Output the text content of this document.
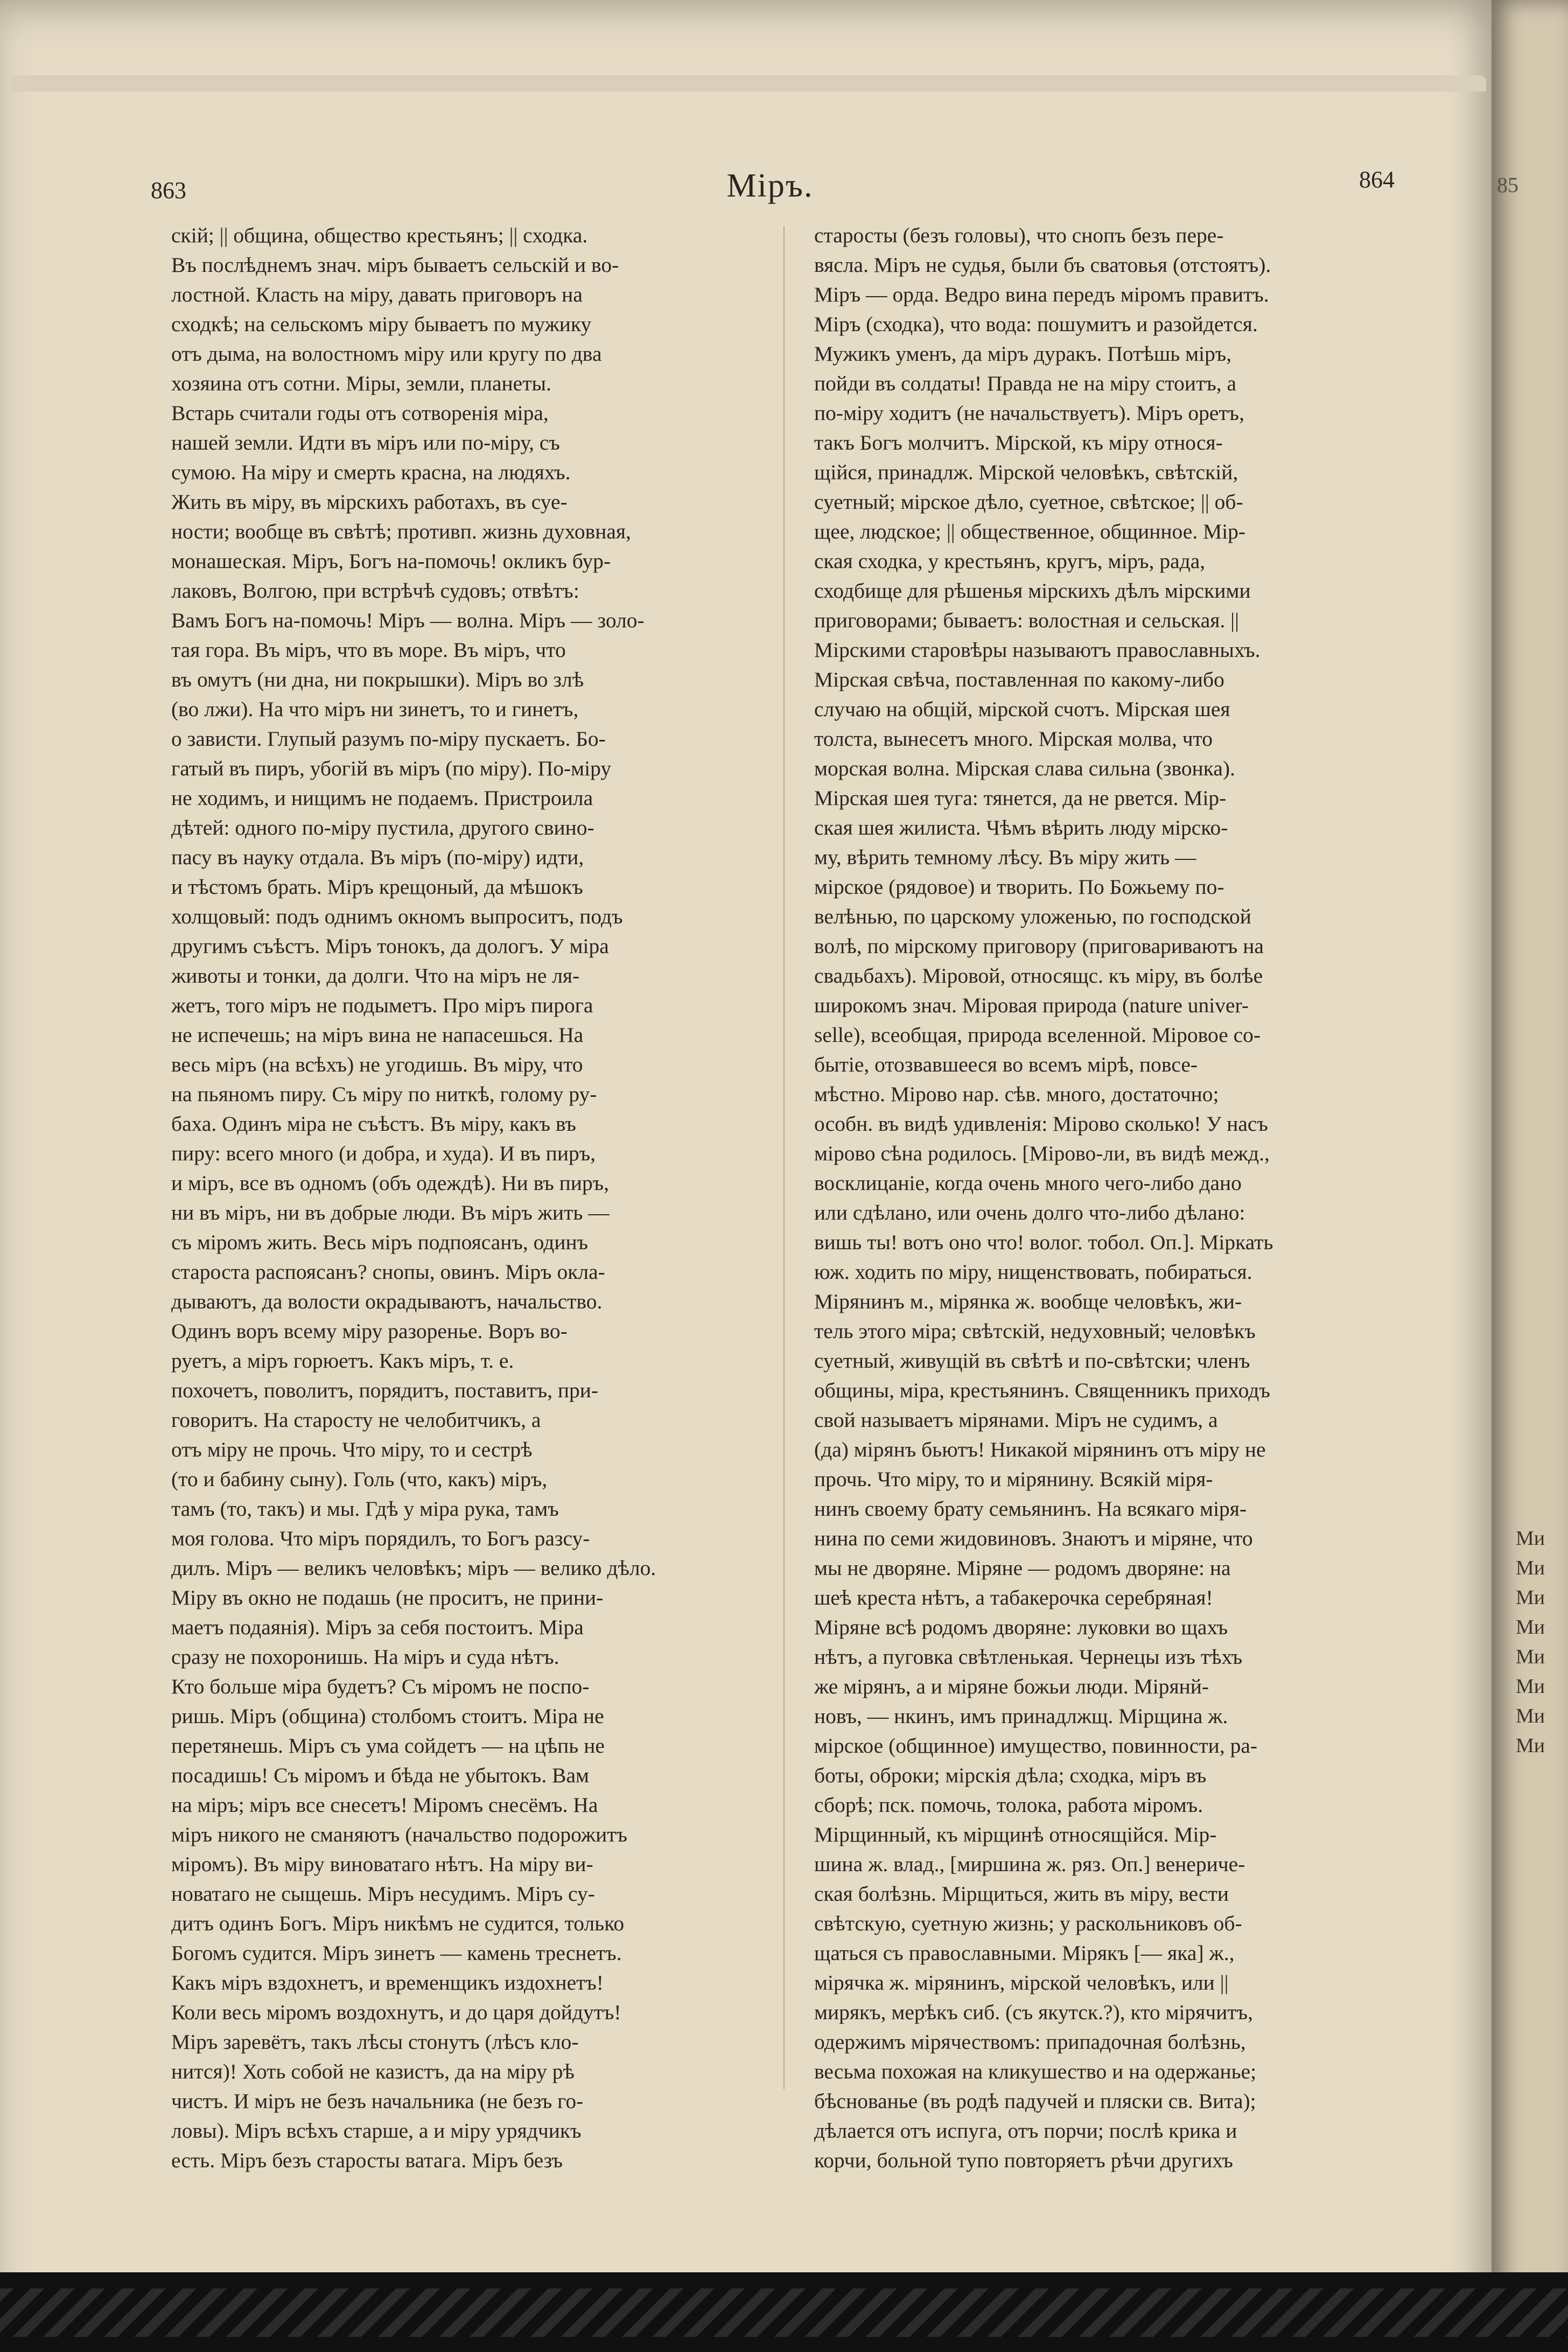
863	Міръ.	864	85
скій; || община, общество крестьянъ; || сходка.
Въ послѣднемъ знач. міръ бываетъ сельскій и во-
лостной. Класть на міру, давать приговоръ на
сходкѣ; на сельскомъ міру бываетъ по мужику
отъ дыма, на волостномъ міру или кругу по два
хозяина отъ сотни. Міры, земли, планеты.
Встарь считали годы отъ сотворенія міра,
нашей земли. Идти въ міръ или по-міру, съ
сумою. На міру и смерть красна, на людяхъ.
Жить въ міру, въ мірскихъ работахъ, въ суе-
ности; вообще въ свѣтѣ; противп. жизнь духовная,
монашеская. Міръ, Богъ на-помочь! окликъ бур-
лаковъ, Волгою, при встрѣчѣ судовъ; отвѣтъ:
Вамъ Богъ на-помочь! Міръ — волна. Міръ — золо-
тая гора. Въ міръ, что въ море. Въ міръ, что
въ омутъ (ни дна, ни покрышки). Міръ во злѣ
(во лжи). На что міръ ни зинетъ, то и гинетъ,
о зависти. Глупый разумъ по-міру пускаетъ. Бо-
гатый въ пиръ, убогій въ міръ (по міру). По-міру
не ходимъ, и нищимъ не подаемъ. Пристроила
дѣтей: одного по-міру пустила, другого свино-
пасу въ науку отдала. Въ міръ (по-міру) идти,
и тѣстомъ брать. Міръ крещоный, да мѣшокъ
холщовый: подъ однимъ окномъ выпроситъ, подъ
другимъ съѣстъ. Міръ тонокъ, да дологъ. У міра
животы и тонки, да долги. Что на міръ не ля-
жетъ, того міръ не подыметъ. Про міръ пирога
не испечешь; на міръ вина не напасешься. На
весь міръ (на всѣхъ) не угодишь. Въ міру, что
на пьяномъ пиру. Съ міру по ниткѣ, голому ру-
баха. Одинъ міра не съѣстъ. Въ міру, какъ въ
пиру: всего много (и добра, и худа). И въ пиръ,
и міръ, все въ одномъ (объ одеждѣ). Ни въ пиръ,
ни въ міръ, ни въ добрые люди. Въ міръ жить —
съ міромъ жить. Весь міръ подпоясанъ, одинъ
староста распоясанъ? снопы, овинъ. Міръ окла-
дываютъ, да волости окрадываютъ, начальство.
Одинъ воръ всему міру разоренье. Воръ во-
руетъ, а міръ горюетъ. Какъ міръ, т. е.
похочетъ, поволитъ, порядитъ, поставитъ, при-
говоритъ. На старосту не челобитчикъ, а
отъ міру не прочь. Что міру, то и сестрѣ
(то и бабину сыну). Голь (что, какъ) міръ,
тамъ (то, такъ) и мы. Гдѣ у міра рука, тамъ
моя голова. Что міръ порядилъ, то Богъ разсу-
дилъ. Міръ — великъ человѣкъ; міръ — велико дѣло.
Міру въ окно не подашь (не проситъ, не прини-
маетъ подаянія). Міръ за себя постоитъ. Міра
сразу не похоронишь. На міръ и суда нѣтъ.
Кто больше міра будетъ? Съ міромъ не поспо-
ришь. Міръ (община) столбомъ стоитъ. Міра не
перетянешь. Міръ съ ума сойдетъ — на цѣпь не
посадишь! Съ міромъ и бѣда не убытокъ. Вам
на міръ; міръ все снесетъ! Міромъ снесёмъ. На
міръ никого не сманяютъ (начальство подорожитъ
міромъ). Въ міру виноватаго нѣтъ. На міру ви-
новатаго не сыщешь. Міръ несудимъ. Міръ су-
дитъ одинъ Богъ. Міръ никѣмъ не судится, только
Богомъ судится. Міръ зинетъ — камень треснетъ.
Какъ міръ вздохнетъ, и временщикъ издохнетъ!
Коли весь міромъ воздохнутъ, и до царя дойдутъ!
Міръ заревётъ, такъ лѣсы стонутъ (лѣсъ кло-
нится)! Хоть собой не казистъ, да на міру рѣ
чистъ. И міръ не безъ начальника (не безъ го-
ловы). Міръ всѣхъ старше, а и міру урядчикъ
есть. Міръ безъ старосты ватага. Міръ безъ
старосты (безъ головы), что снопъ безъ пере-
вясла. Міръ не судья, были бъ сватовья (отстоятъ).
Міръ — орда. Ведро вина передъ міромъ правитъ.
Міръ (сходка), что вода: пошумитъ и разойдется.
Мужикъ уменъ, да міръ дуракъ. Потѣшь міръ,
пойди въ солдаты! Правда не на міру стоитъ, а
по-міру ходитъ (не начальствуетъ). Міръ оретъ,
такъ Богъ молчитъ. Мірской, къ міру относя-
щійся, принадлж. Мірской человѣкъ, свѣтскій,
суетный; мірское дѣло, суетное, свѣтское; || об-
щее, людское; || общественное, общинное. Мір-
ская сходка, у крестьянъ, кругъ, міръ, рада,
сходбище для рѣшенья мірскихъ дѣлъ мірскими
приговорами; бываетъ: волостная и сельская. ||
Мірскими старовѣры называютъ православныхъ.
Мірская свѣча, поставленная по какому-либо
случаю на общій, мірской счотъ. Мірская шея
толста, вынесетъ много. Мірская молва, что
морская волна. Мірская слава сильна (звонка).
Мірская шея туга: тянется, да не рвется. Мір-
ская шея жилиста. Чѣмъ вѣрить люду мірско-
му, вѣрить темному лѣсу. Въ міру жить —
мірское (рядовое) и творить. По Божьему по-
велѣнью, по царскому уложенью, по господской
волѣ, по мірскому приговору (приговариваютъ на
свадьбахъ). Міровой, относящс. къ міру, въ болѣе
широкомъ знач. Міровая природа (nature univer-
selle), всеобщая, природа вселенной. Міровое со-
бытіе, отозвавшееся во всемъ мірѣ, повсе-
мѣстно. Мірово нар. сѣв. много, достаточно;
особн. въ видѣ удивленія: Мірово сколько! У насъ
мірово сѣна родилось. [Мірово-ли, въ видѣ межд.,
восклицаніе, когда очень много чего-либо дано
или сдѣлано, или очень долго что-либо дѣлано:
вишь ты! вотъ оно что! волог. тобол. Оп.]. Міркать
юж. ходить по міру, нищенствовать, побираться.
Мірянинъ м., мірянка ж. вообще человѣкъ, жи-
тель этого міра; свѣтскій, недуховный; человѣкъ
суетный, живущій въ свѣтѣ и по-свѣтски; членъ
общины, міра, крестьянинъ. Священникъ приходъ
свой называетъ мірянами. Міръ не судимъ, а
(да) мірянъ бьютъ! Никакой мірянинъ отъ міру не
прочь. Что міру, то и мірянину. Всякій міря-
нинъ своему брату семьянинъ. На всякаго міря-
нина по семи жидовиновъ. Знаютъ и міряне, что
мы не дворяне. Міряне — родомъ дворяне: на
шеѣ креста нѣтъ, а табакерочка серебряная!
Міряне всѣ родомъ дворяне: луковки во щахъ
нѣтъ, а пуговка свѣтленькая. Чернецы изъ тѣхъ
же мірянъ, а и міряне божьи люди. Мірянй-
новъ, — нкинъ, имъ принадлжщ. Мірщина ж.
мірское (общинное) имущество, повинности, ра-
боты, оброки; мірскія дѣла; сходка, міръ въ
сборѣ; пск. помочь, толока, работа міромъ.
Мірщинный, къ мірщинѣ относящійся. Мір-
шина ж. влад., [миршина ж. ряз. Оп.] венериче-
ская болѣзнь. Мірщиться, жить въ міру, вести
свѣтскую, суетную жизнь; у раскольниковъ об-
щаться съ православными. Мірякъ [— яка] ж.,
мірячка ж. мірянинъ, мірской человѣкъ, или ||
мирякъ, мерѣкъ сиб. (съ якутск.?), кто мірячитъ,
одержимъ мірячествомъ: припадочная болѣзнь,
весьма похожая на кликушество и на одержанье;
бѣснованье (въ родѣ падучей и пляски св. Вита);
дѣлается отъ испуга, отъ порчи; послѣ крика и
корчи, больной тупо повторяетъ рѣчи другихъ
Ми
Ми
Ми
Ми
Ми
Ми
Ми
Ми
